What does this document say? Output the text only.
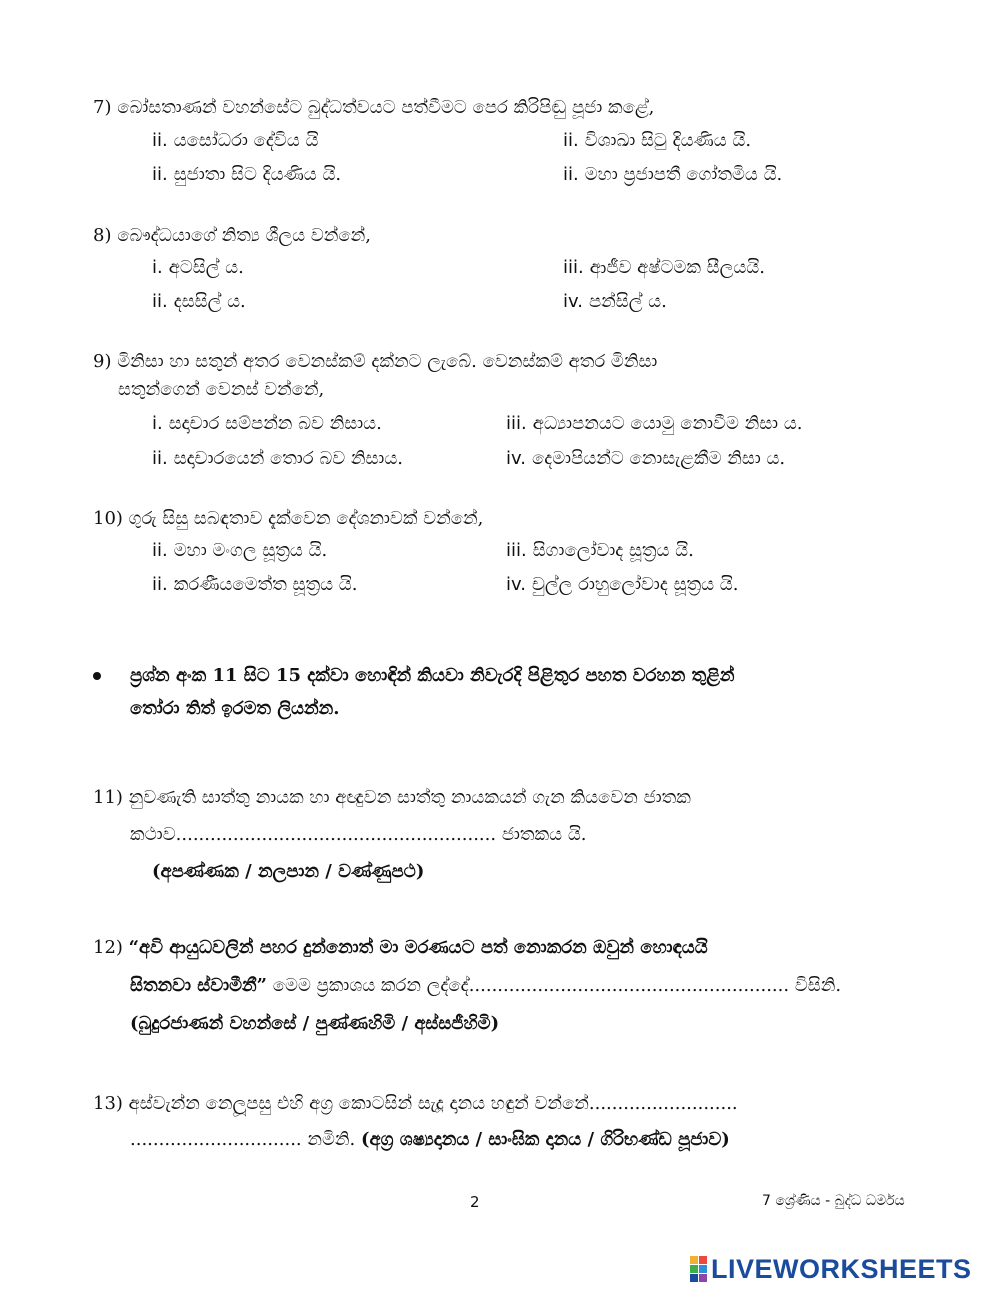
7) බෝසතාණන් වහන්සේට බුද්ධත්වයට පත්වීමට පෙර කිරිපිඬු පූජා කළේ,
ii. යසෝධරා දේවිය යි	ii. විශාඛා සිටු දියණිය යි.
ii. සුජාතා සිට දියණිය යි.	ii. මහා ප්‍රජාපතී ගෝතමිය යි.
8) බෞද්ධයාගේ නිත්‍ය ශීලය වන්නේ,
i. අටසිල් ය.	iii. ආජීව අෂ්ටමක සීලයයි.
ii. දසසිල් ය.	iv. පන්සිල් ය.
9) මිනිසා හා සතුන් අතර වෙනස්කම් දක්නට ලැබේ. වෙනස්කම් අතර මිනිසා
සතුන්ගෙන් වෙනස් වන්නේ,
i. සදාචාර සම්පන්න බව නිසාය.	iii. අධ්‍යාපනයට යොමු නොවීම නිසා ය.
ii. සදාචාරයෙන් තොර බව නිසාය.	iv. දෙමාපියන්ට නොසැළකීම නිසා ය.
10) ගුරු සිසු සබඳතාව දැක්වෙන දේශනාවක් වන්නේ,
ii. මහා මංගල සූත්‍රය යි.	iii. සිගාලෝවාද සූත්‍රය යි.
ii. කරණීයමෙත්ත සූත්‍රය යි.	iv. චුල්ල රාහුලෝවාද සූත්‍රය යි.
ප්‍රශ්න අංක 11 සිට 15 දක්වා හොඳින් කියවා නිවැරදි පිළිතුර පහත වරහන තුළින්
තෝරා තිත් ඉරමත ලියන්න.
11) නුවණැති සාත්තු නායක හා අඥුවන සාත්තු නායකයන් ගැන කියවෙන ජාතක
කථාව........................................................ ජාතකය යි.
(අපණ්ණක / නලපාන / වණ්ණුපථ)
12) “අවි ආයුධවලින් පහර දුන්නොත් මා මරණයට පත් නොකරන ඔවුන් හොඳයයි
සිතනවා ස්වාමීනී” මෙම ප්‍රකාශය කරන ලද්දේ........................................................ විසිනි.
(බුදුරජාණන් වහන්සේ / පුණ්ණහිමි / අස්සජීහිමි)
13) අස්වැන්න නෙලූපසු එහි අග්‍ර කොටසින් සැදූ දානය හඳුන් වන්නේ..........................
.............................. නමිනි. (අග්‍ර ශෂ්‍යදානය / සාංඝික දානය / ගිරිභණ්ඩ පූජාව)
2	7 ශ්‍රේණිය - බුද්ධ ධර්මය
LIVEWORKSHEETS
